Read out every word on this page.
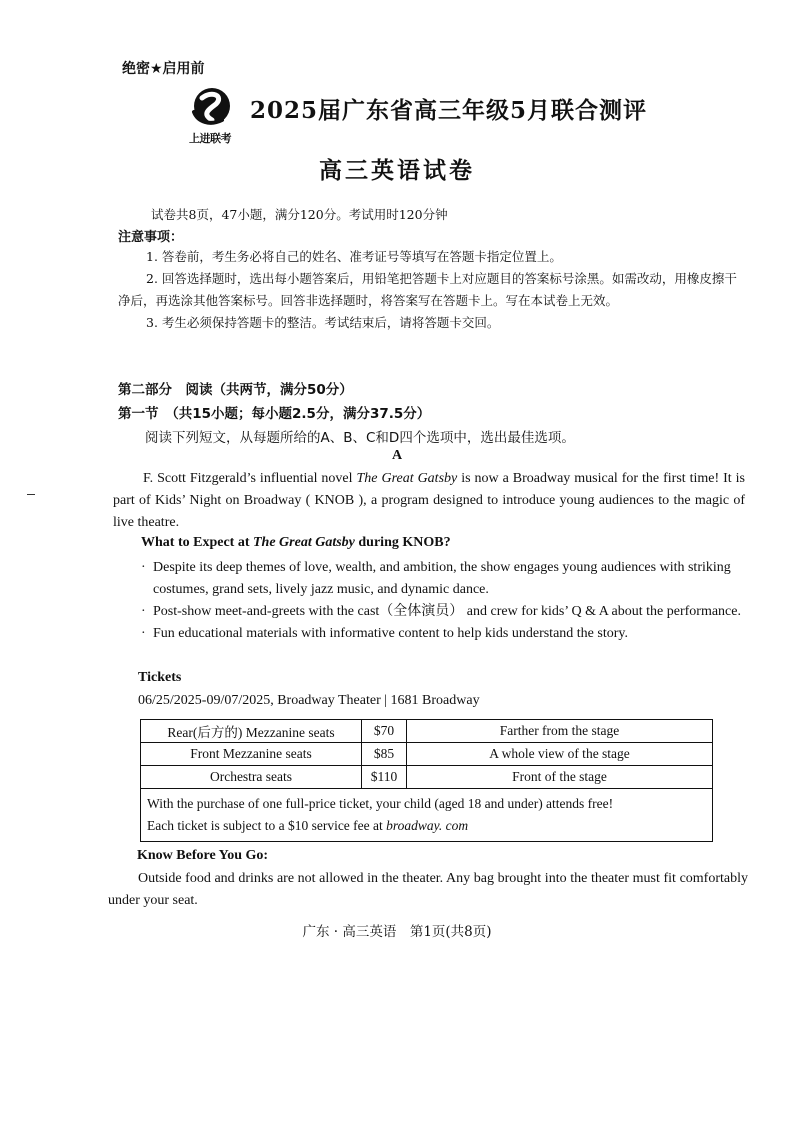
绝密★启用前
上进联考
2025届广东省高三年级5月联合测评
高三英语试卷
试卷共8页，47小题，满分120分。考试用时120分钟
注意事项：

1. 答卷前，考生务必将自己的姓名、准考证号等填写在答题卡指定位置上。

2. 回答选择题时，选出每小题答案后，用铅笔把答题卡上对应题目的答案标号涂黑。如需改动，用橡皮擦干净后，再选涂其他答案标号。回答非选择题时，将答案写在答题卡上。写在本试卷上无效。

3. 考生必须保持答题卡的整洁。考试结束后，请将答题卡交回。

第二部分　阅读（共两节，满分50分）
第一节　（共15小题；每小题2.5分，满分37.5分）
阅读下列短文，从每题所给的A、B、C和D四个选项中，选出最佳选项。
A

F. Scott Fitzgerald’s influential novel The Great Gatsby is now a Broadway musical for the first time! It is part of Kids’ Night on Broadway ( KNOB ), a program designed to introduce young audiences to the magic of live theatre.

What to Expect at The Great Gatsby during KNOB?

· Despite its deep themes of love, wealth, and ambition, the show engages young audiences with striking costumes, grand sets, lively jazz music, and dynamic dance.

· Post-show meet-and-greets with the cast（全体演员） and crew for kids’ Q & A about the performance.

· Fun educational materials with informative content to help kids understand the story.

Tickets
06/25/2025-09/07/2025, Broadway Theater | 1681 Broadway
Rear(后方的) Mezzanine seats	$70	Farther from the stage
Front Mezzanine seats	$85	A whole view of the stage
Orchestra seats	$110	Front of the stage

With the purchase of one full-price ticket, your child (aged 18 and under) attends free!
Each ticket is subject to a $10 service fee at broadway. com		
Know Before You Go:

Outside food and drinks are not allowed in the theater. Any bag brought into the theater must fit comfortably under your seat.

广东 · 高三英语　第1页(共8页)
